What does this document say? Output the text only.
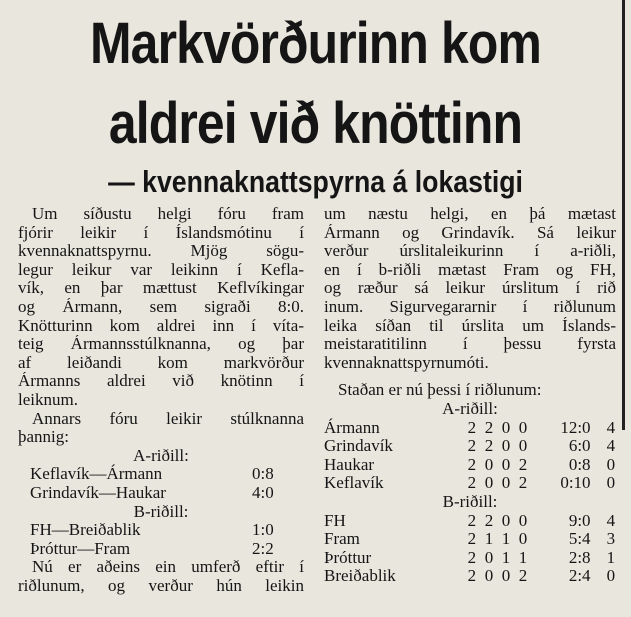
Markvörðurinn kom
aldrei við knöttinn
— kvennaknattspyrna á lokastigi
Um síðustu helgi fóru fram
fjórir leikir í Íslandsmótinu í
kvennaknattspyrnu. Mjög sögu-
legur leikur var leikinn í Kefla-
vík, en þar mættust Keflvíkingar
og Ármann, sem sigraði 8:0.
Knötturinn kom aldrei inn í víta-
teig Ármannsstúlknanna, og þar
af leiðandi kom markvörður
Ármanns aldrei við knötinn í
leiknum.
Annars fóru leikir stúlknanna
þannig:
A-riðill:
Keflavík—Ármann	0:8
Grindavík—Haukar	4:0
B-riðill:
FH—Breiðablik	1:0
Þróttur—Fram	2:2
Nú er aðeins ein umferð eftir í
riðlunum, og verður hún leikin
um næstu helgi, en þá mætast
Ármann og Grindavík. Sá leikur
verður úrslitaleikurinn í a-riðli,
en í b-riðli mætast Fram og FH,
og ræður sá leikur úrslitum í rið
inum. Sigurvegararnir í riðlunum
leika síðan til úrslita um Íslands-
meistaratitilinn í þessu fyrsta
kvennaknattspyrnumóti.
Staðan er nú þessi í riðlunum:
A-riðill:
Ármann	2 2 0 0	12:0 4
Grindavík	2 2 0 0	6:0 4
Haukar	2 0 0 2	0:8 0
Keflavík	2 0 0 2	0:10 0
B-riðill:
FH	2 2 0 0	9:0 4
Fram	2 1 1 0	5:4 3
Þróttur	2 0 1 1	2:8 1
Breiðablik	2 0 0 2	2:4 0
